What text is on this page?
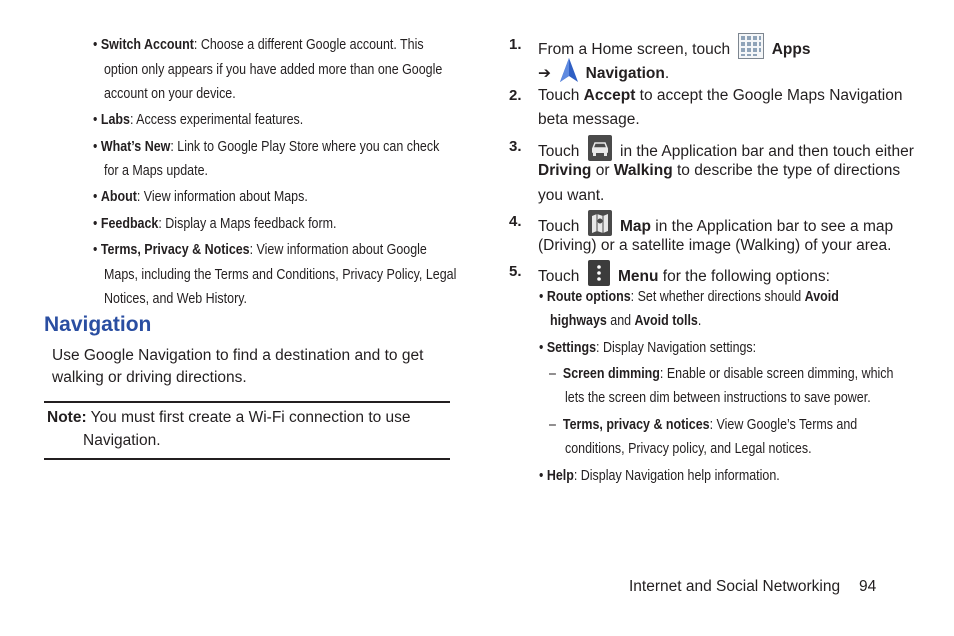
• Switch Account: Choose a different Google account. This
option only appears if you have added more than one Google
account on your device.
• Labs: Access experimental features.
• What’s New: Link to Google Play Store where you can check
for a Maps update.
• About: View information about Maps.
• Feedback: Display a Maps feedback form.
• Terms, Privacy & Notices: View information about Google
Maps, including the Terms and Conditions, Privacy Policy, Legal
Notices, and Web History.
Navigation
Use Google Navigation to find a destination and to get
walking or driving directions.
Note: You must first create a Wi-Fi connection to use
Navigation.
1. From a Home screen, touch	Apps
➔ Navigation.
2. Touch Accept to accept the Google Maps Navigation
beta message.
3. Touch	in the Application bar and then touch either
Driving or Walking to describe the type of directions
you want.
4. Touch	Map in the Application bar to see a map
(Driving) or a satellite image (Walking) of your area.
5. Touch Menu for the following options:
• Route options: Set whether directions should Avoid
highways and Avoid tolls.
• Settings: Display Navigation settings:
– Screen dimming: Enable or disable screen dimming, which
lets the screen dim between instructions to save power.
– Terms, privacy & notices: View Google’s Terms and
conditions, Privacy policy, and Legal notices.
• Help: Display Navigation help information.
Internet and Social Networking 94
